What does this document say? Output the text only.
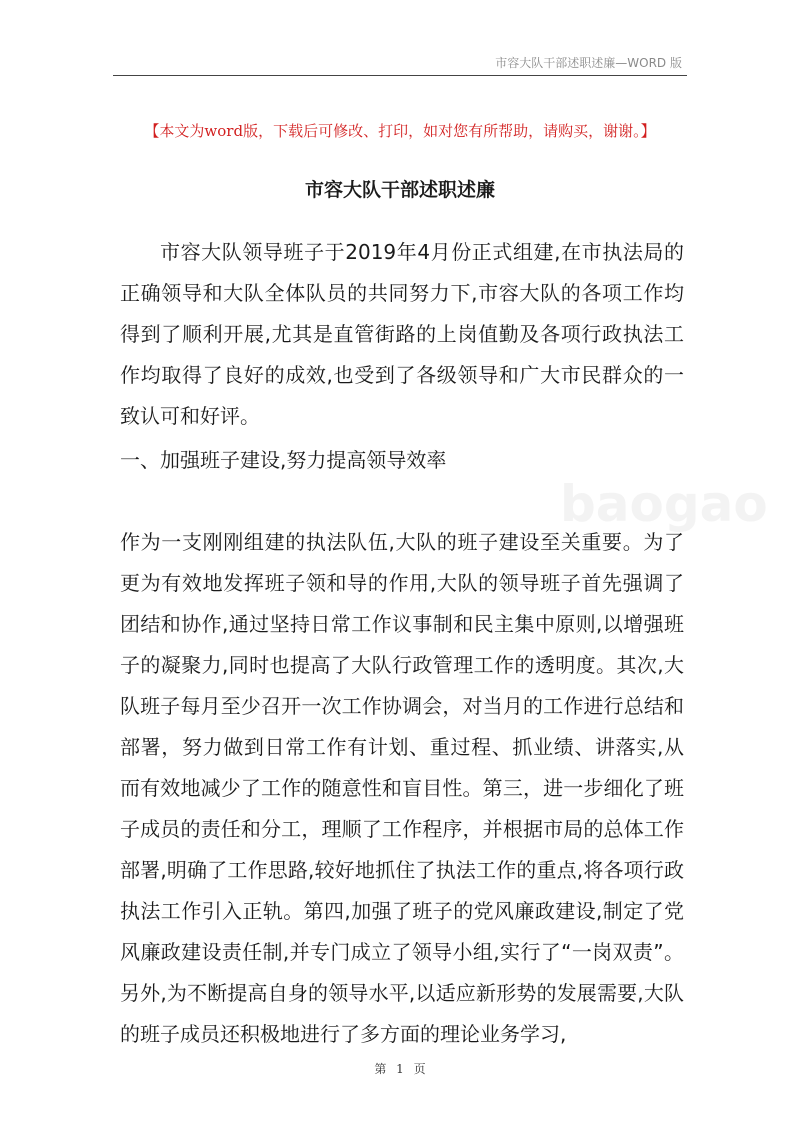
市容大队干部述职述廉—WORD 版
baogao
【本文为word版，下载后可修改、打印，如对您有所帮助，请购买，谢谢。】
市容大队干部述职述廉
市容大队领导班子于2019年4月份正式组建,在市执法局的正确领导和大队全体队员的共同努力下,市容大队的各项工作均得到了顺利开展,尤其是直管街路的上岗值勤及各项行政执法工作均取得了良好的成效,也受到了各级领导和广大市民群众的一致认可和好评。
一、加强班子建设,努力提高领导效率
作为一支刚刚组建的执法队伍,大队的班子建设至关重要。为了更为有效地发挥班子领和导的作用,大队的领导班子首先强调了团结和协作,通过坚持日常工作议事制和民主集中原则,以增强班子的凝聚力,同时也提高了大队行政管理工作的透明度。其次,大队班子每月至少召开一次工作协调会，对当月的工作进行总结和部署，努力做到日常工作有计划、重过程、抓业绩、讲落实,从而有效地减少了工作的随意性和盲目性。第三，进一步细化了班子成员的责任和分工，理顺了工作程序，并根据市局的总体工作部署,明确了工作思路,较好地抓住了执法工作的重点,将各项行政执法工作引入正轨。第四,加强了班子的党风廉政建设,制定了党风廉政建设责任制,并专门成立了领导小组,实行了“一岗双责”。另外,为不断提高自身的领导水平,以适应新形势的发展需要,大队的班子成员还积极地进行了多方面的理论业务学习,
第 1 页
